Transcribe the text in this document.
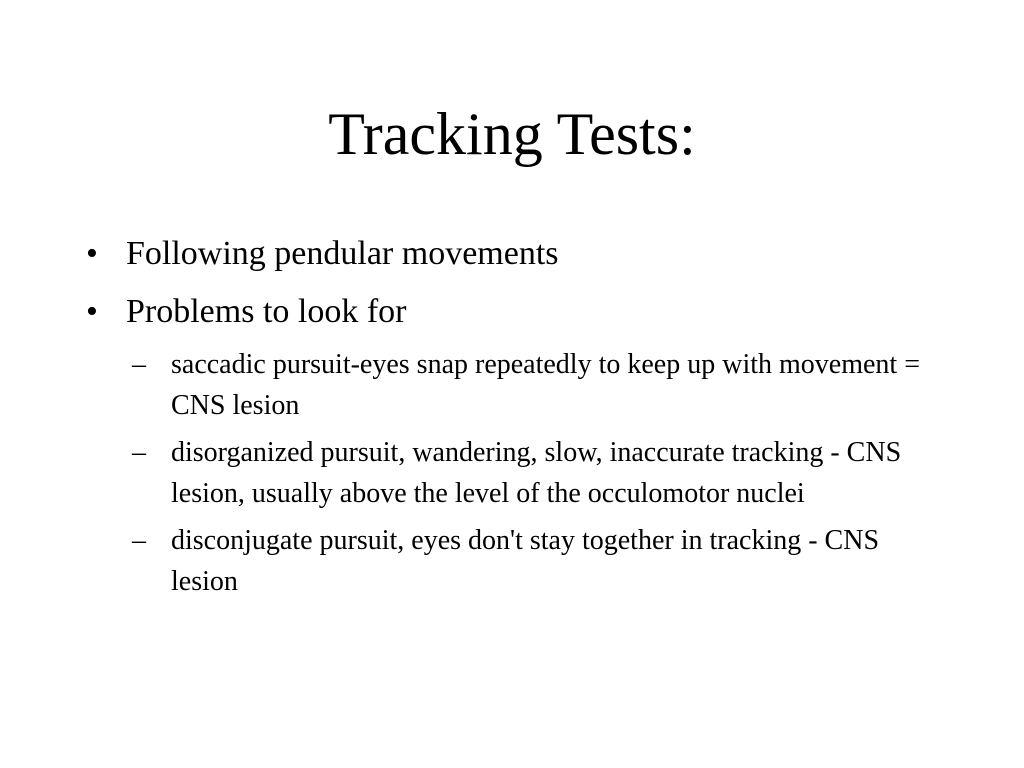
Tracking Tests:
• Following pendular movements
• Problems to look for
– saccadic pursuit-eyes snap repeatedly to keep up with movement = CNS lesion
– disorganized pursuit, wandering, slow, inaccurate tracking - CNS lesion, usually above the level of the occulomotor nuclei
– disconjugate pursuit, eyes don't stay together in tracking - CNS lesion
